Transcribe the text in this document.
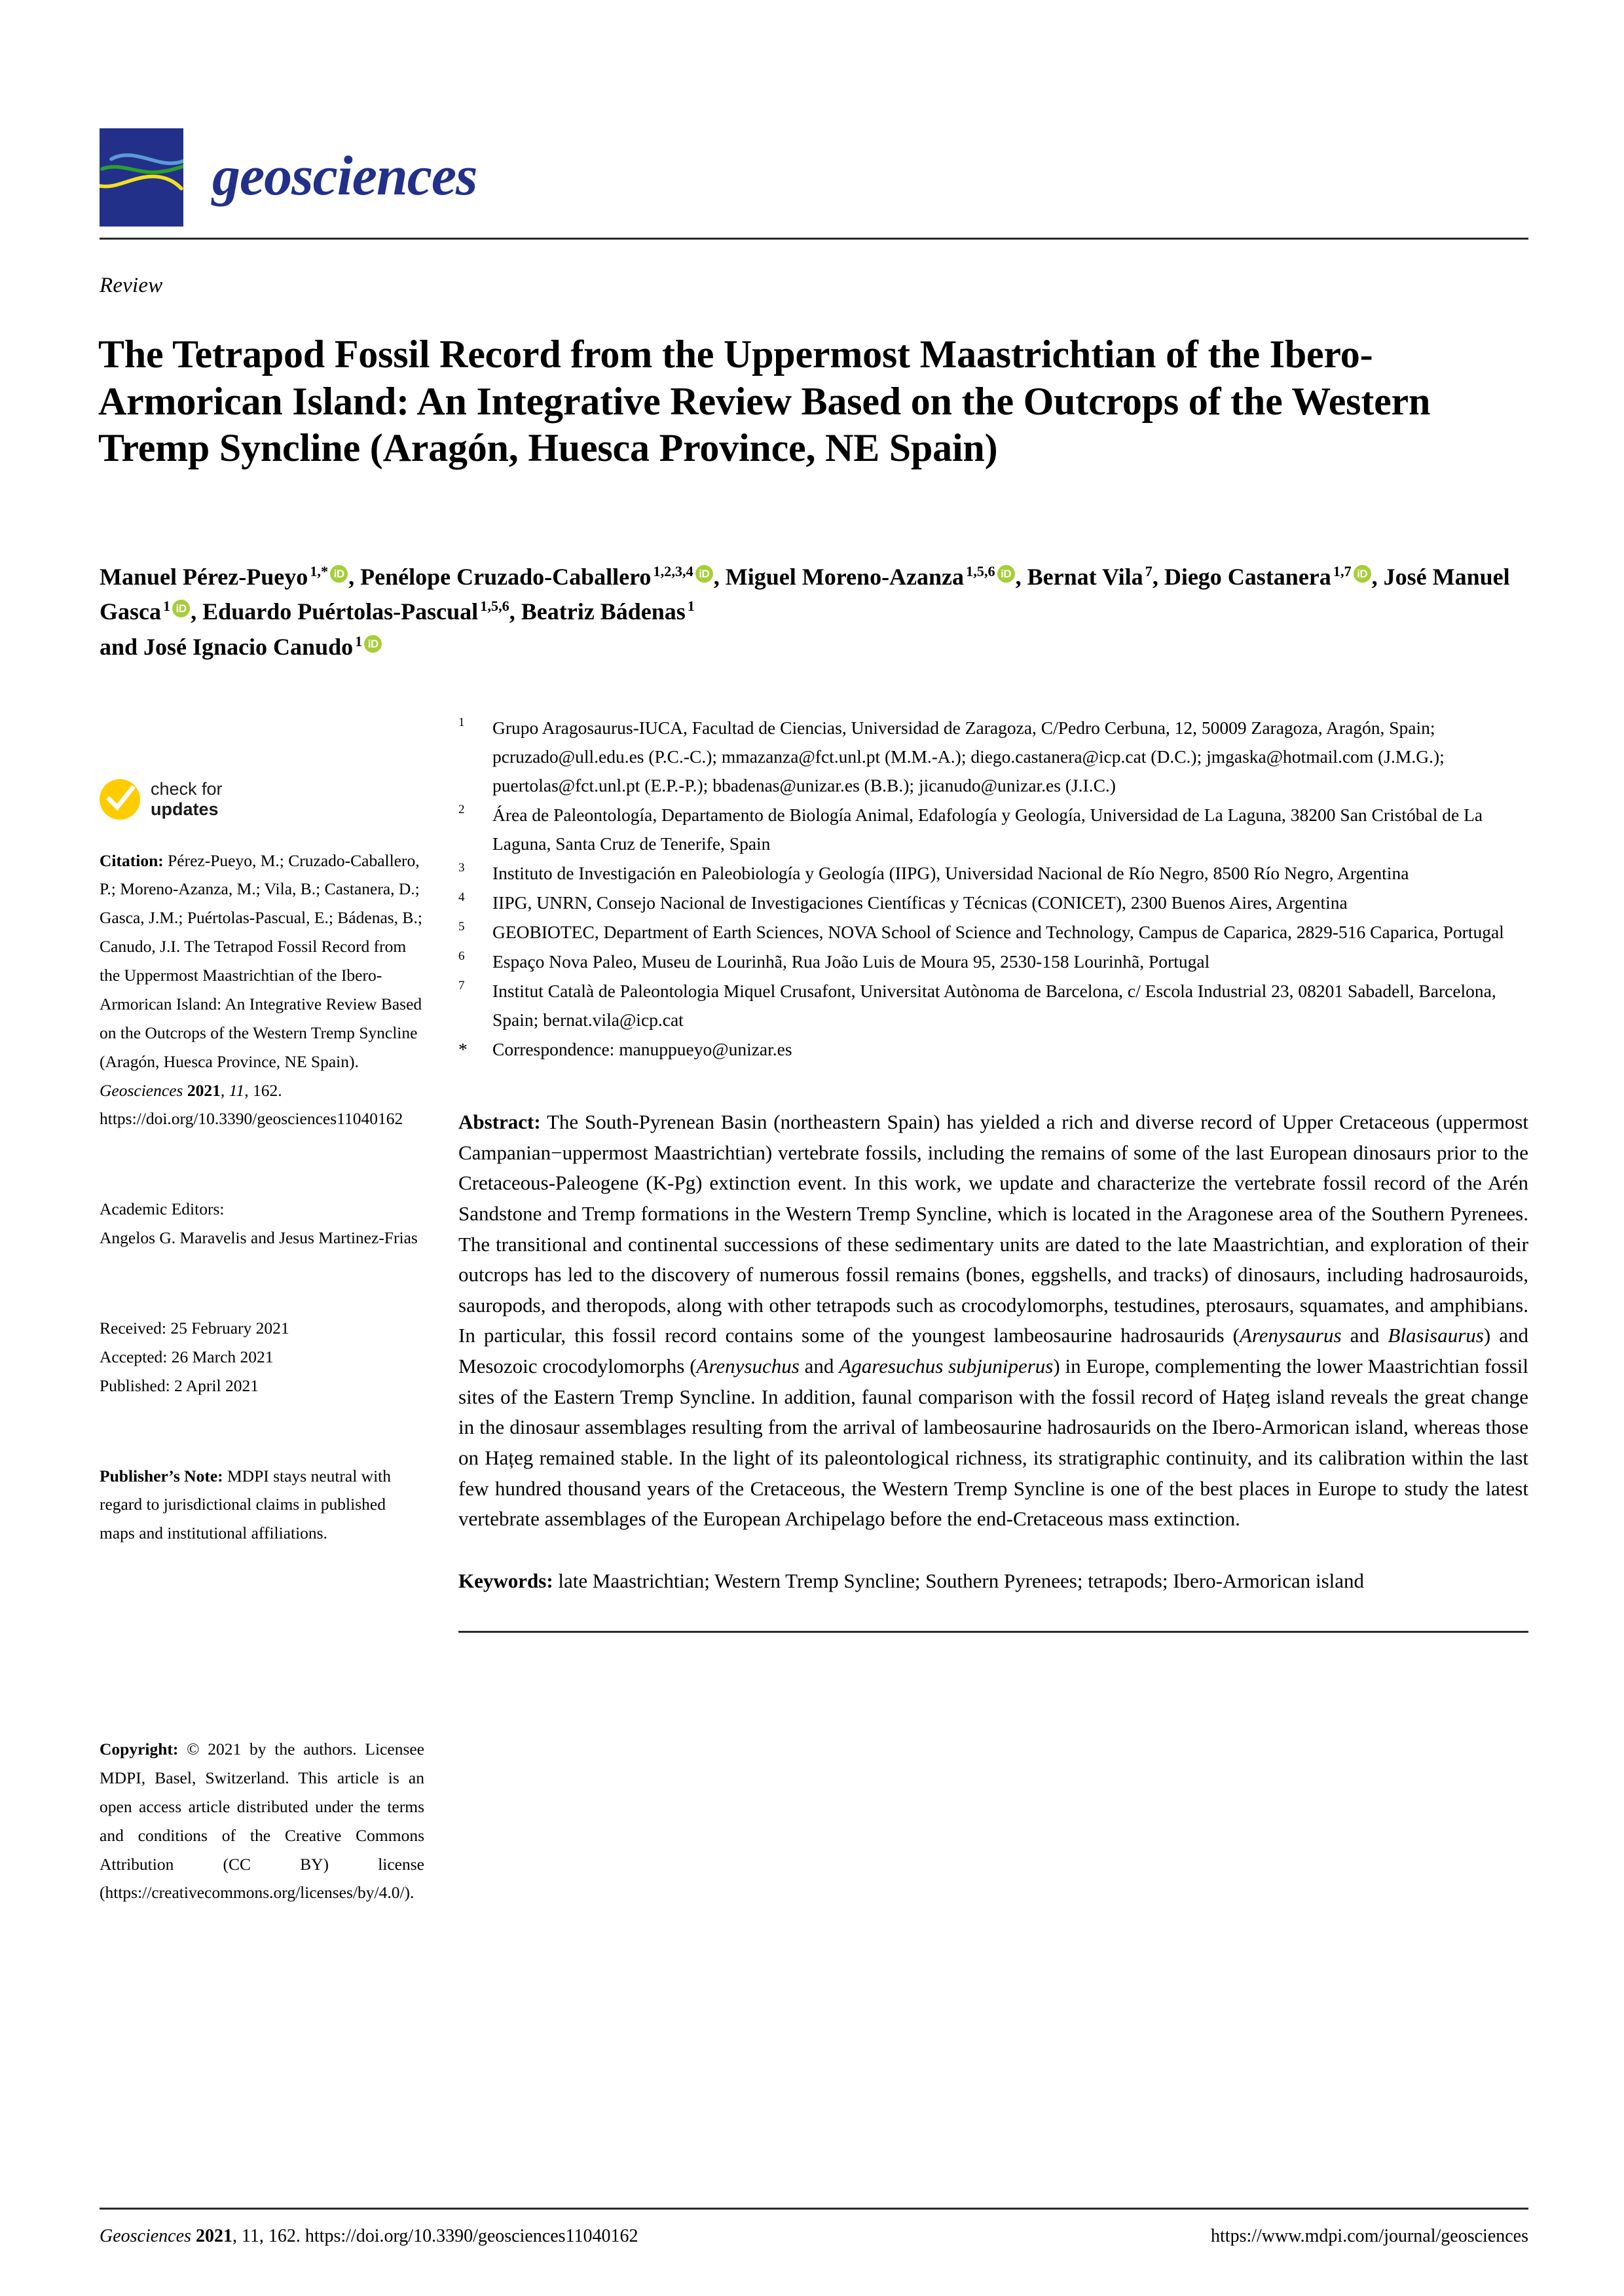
geosciences
Review
The Tetrapod Fossil Record from the Uppermost Maastrichtian of the Ibero-Armorican Island: An Integrative Review Based on the Outcrops of the Western Tremp Syncline (Aragón, Huesca Province, NE Spain)
Manuel Pérez-Pueyo $^{1,*}$ iD , Penélope Cruzado-Caballero $^{1,2,3,4}$ iD , Miguel Moreno-Azanza $^{1,5,6}$ iD , Bernat Vila $^7$, Diego Castanera $^{1,7}$ iD , José Manuel Gasca $^1$ iD , Eduardo Puértolas-Pascual $^{1,5,6}$, Beatriz Bádenas $^1$
and José Ignacio Canudo $^1$ iD
check for
updates
Citation: Pérez-Pueyo, M.; Cruzado-Caballero, P.; Moreno-Azanza, M.; Vila, B.; Castanera, D.; Gasca, J.M.; Puértolas-Pascual, E.; Bádenas, B.; Canudo, J.I. The Tetrapod Fossil Record from the Uppermost Maastrichtian of the Ibero-Armorican Island: An Integrative Review Based on the Outcrops of the Western Tremp Syncline (Aragón, Huesca Province, NE Spain). Geosciences 2021, 11, 162. https://doi.org/10.3390/geosciences11040162
Academic Editors:
Angelos G. Maravelis and Jesus Martinez-Frias
Received: 25 February 2021
Accepted: 26 March 2021
Published: 2 April 2021
Publisher’s Note: MDPI stays neutral with regard to jurisdictional claims in published maps and institutional affiliations.
Copyright: © 2021 by the authors. Licensee MDPI, Basel, Switzerland. This article is an open access article distributed under the terms and conditions of the Creative Commons Attribution (CC BY) license (https://creativecommons.org/licenses/by/4.0/).
1	Grupo Aragosaurus-IUCA, Facultad de Ciencias, Universidad de Zaragoza, C/Pedro Cerbuna, 12, 50009 Zaragoza, Aragón, Spain; pcruzado@ull.edu.es (P.C.-C.); mmazanza@fct.unl.pt (M.M.-A.); diego.castanera@icp.cat (D.C.); jmgaska@hotmail.com (J.M.G.); puertolas@fct.unl.pt (E.P.-P.); bbadenas@unizar.es (B.B.); jicanudo@unizar.es (J.I.C.)
2	Área de Paleontología, Departamento de Biología Animal, Edafología y Geología, Universidad de La Laguna, 38200 San Cristóbal de La Laguna, Santa Cruz de Tenerife, Spain
3	Instituto de Investigación en Paleobiología y Geología (IIPG), Universidad Nacional de Río Negro, 8500 Río Negro, Argentina
4	IIPG, UNRN, Consejo Nacional de Investigaciones Científicas y Técnicas (CONICET), 2300 Buenos Aires, Argentina
5	GEOBIOTEC, Department of Earth Sciences, NOVA School of Science and Technology, Campus de Caparica, 2829-516 Caparica, Portugal
6	Espaço Nova Paleo, Museu de Lourinhã, Rua João Luis de Moura 95, 2530-158 Lourinhã, Portugal
7	Institut Català de Paleontologia Miquel Crusafont, Universitat Autònoma de Barcelona, c/ Escola Industrial 23, 08201 Sabadell, Barcelona, Spain; bernat.vila@icp.cat
*	Correspondence: manuppueyo@unizar.es
Abstract: The South-Pyrenean Basin (northeastern Spain) has yielded a rich and diverse record of Upper Cretaceous (uppermost Campanian−uppermost Maastrichtian) vertebrate fossils, including the remains of some of the last European dinosaurs prior to the Cretaceous-Paleogene (K-Pg) extinction event. In this work, we update and characterize the vertebrate fossil record of the Arén Sandstone and Tremp formations in the Western Tremp Syncline, which is located in the Aragonese area of the Southern Pyrenees. The transitional and continental successions of these sedimentary units are dated to the late Maastrichtian, and exploration of their outcrops has led to the discovery of numerous fossil remains (bones, eggshells, and tracks) of dinosaurs, including hadrosauroids, sauropods, and theropods, along with other tetrapods such as crocodylomorphs, testudines, pterosaurs, squamates, and amphibians. In particular, this fossil record contains some of the youngest lambeosaurine hadrosaurids (Arenysaurus and Blasisaurus) and Mesozoic crocodylomorphs (Arenysuchus and Agaresuchus subjuniperus) in Europe, complementing the lower Maastrichtian fossil sites of the Eastern Tremp Syncline. In addition, faunal comparison with the fossil record of Hațeg island reveals the great change in the dinosaur assemblages resulting from the arrival of lambeosaurine hadrosaurids on the Ibero-Armorican island, whereas those on Hațeg remained stable. In the light of its paleontological richness, its stratigraphic continuity, and its calibration within the last few hundred thousand years of the Cretaceous, the Western Tremp Syncline is one of the best places in Europe to study the latest vertebrate assemblages of the European Archipelago before the end-Cretaceous mass extinction.
Keywords: late Maastrichtian; Western Tremp Syncline; Southern Pyrenees; tetrapods; Ibero-Armorican island
Geosciences 2021, 11, 162. https://doi.org/10.3390/geosciences11040162	https://www.mdpi.com/journal/geosciences
